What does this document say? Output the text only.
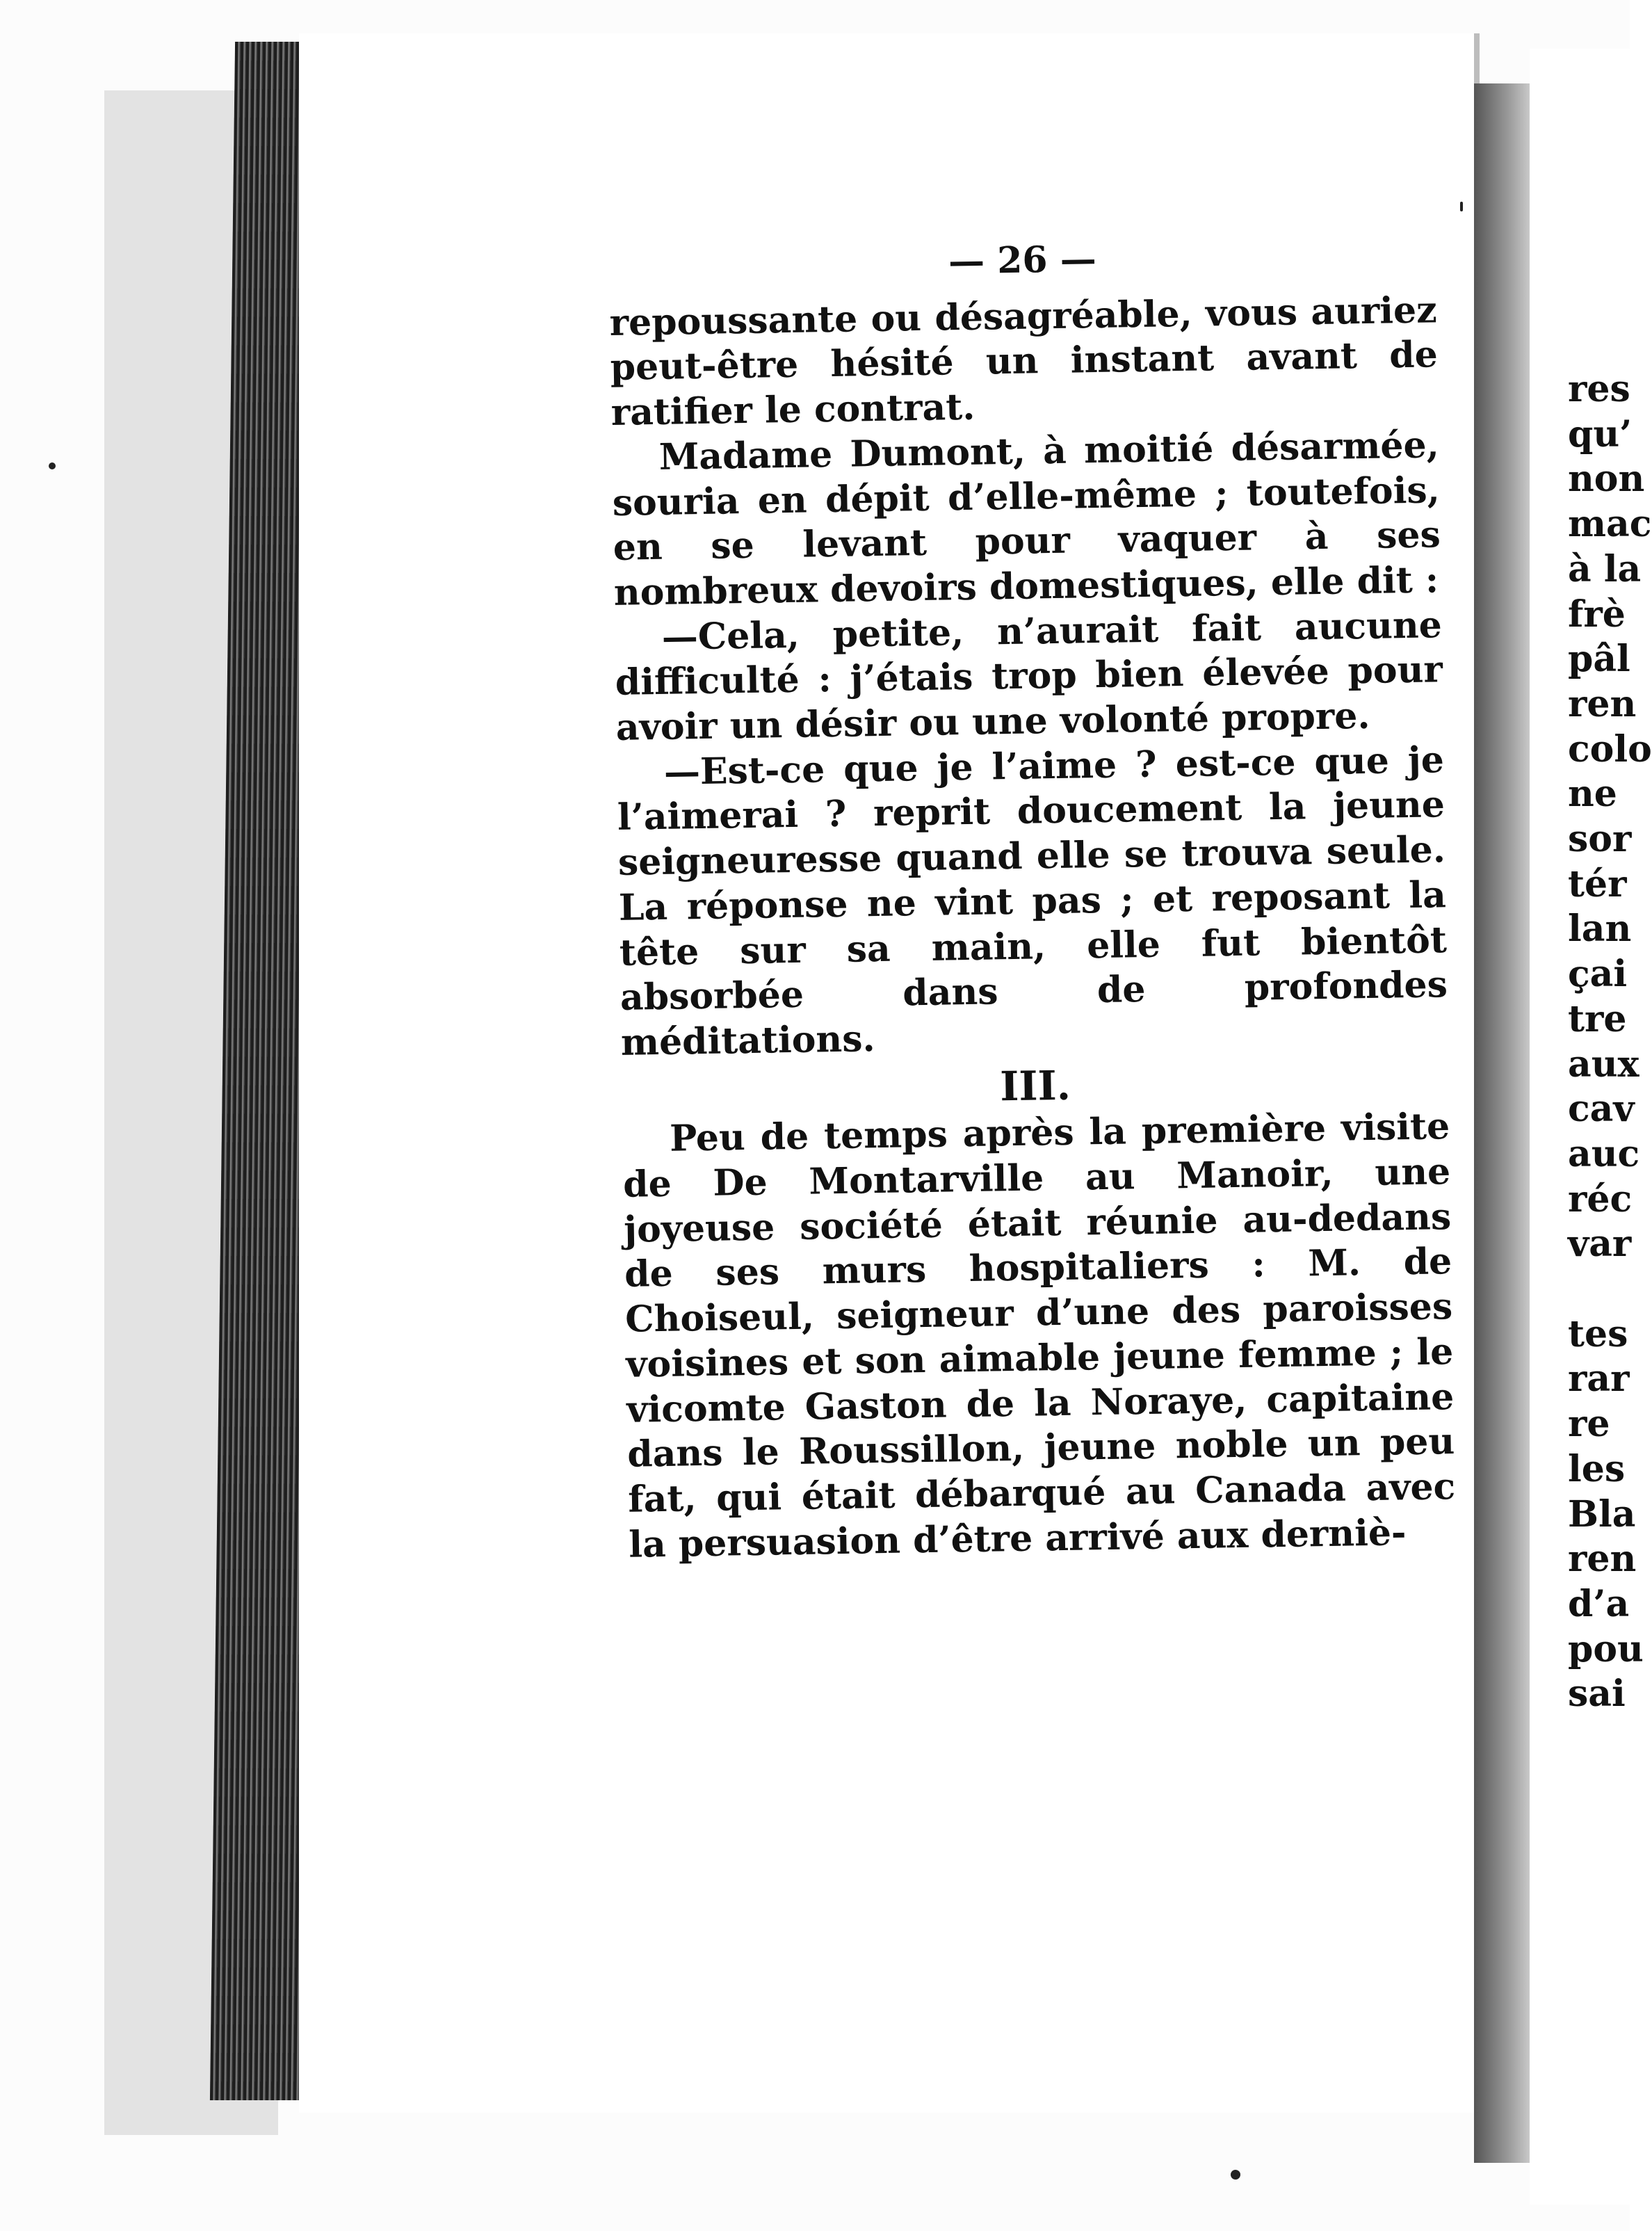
— 26 —

repoussante ou désagréable, vous auriez peut-être hésité un instant avant de ratifier le contrat.

Madame Dumont, à moitié désarmée, souria en dépit d’elle-même ; toutefois, en se levant pour vaquer à ses nombreux devoirs domestiques, elle dit :

—Cela, petite, n’aurait fait aucune difficulté : j’étais trop bien élevée pour avoir un désir ou une volonté propre.

—Est-ce que je l’aime ? est-ce que je l’aimerai ? reprit doucement la jeune seigneuresse quand elle se trouva seule. La réponse ne vint pas ; et reposant la tête sur sa main, elle fut bientôt absorbée dans de profondes méditations.

III.

Peu de temps après la première visite de De Montarville au Manoir, une joyeuse société était réunie au-dedans de ses murs hospitaliers : M. de Choiseul, seigneur d’une des paroisses voisines et son aimable jeune femme ; le vicomte Gaston de la Noraye, capitaine dans le Roussillon, jeune noble un peu fat, qui était débarqué au Canada avec la persuasion d’être arrivé aux derniè-

res
qu’
non
mac
à la
frè
pâl
ren
colo
ne
sor
tér
lan
çai
tre
aux
cav
auc
réc
var

tes
rar
re
les
Bla
ren
d’a
pou
sai
